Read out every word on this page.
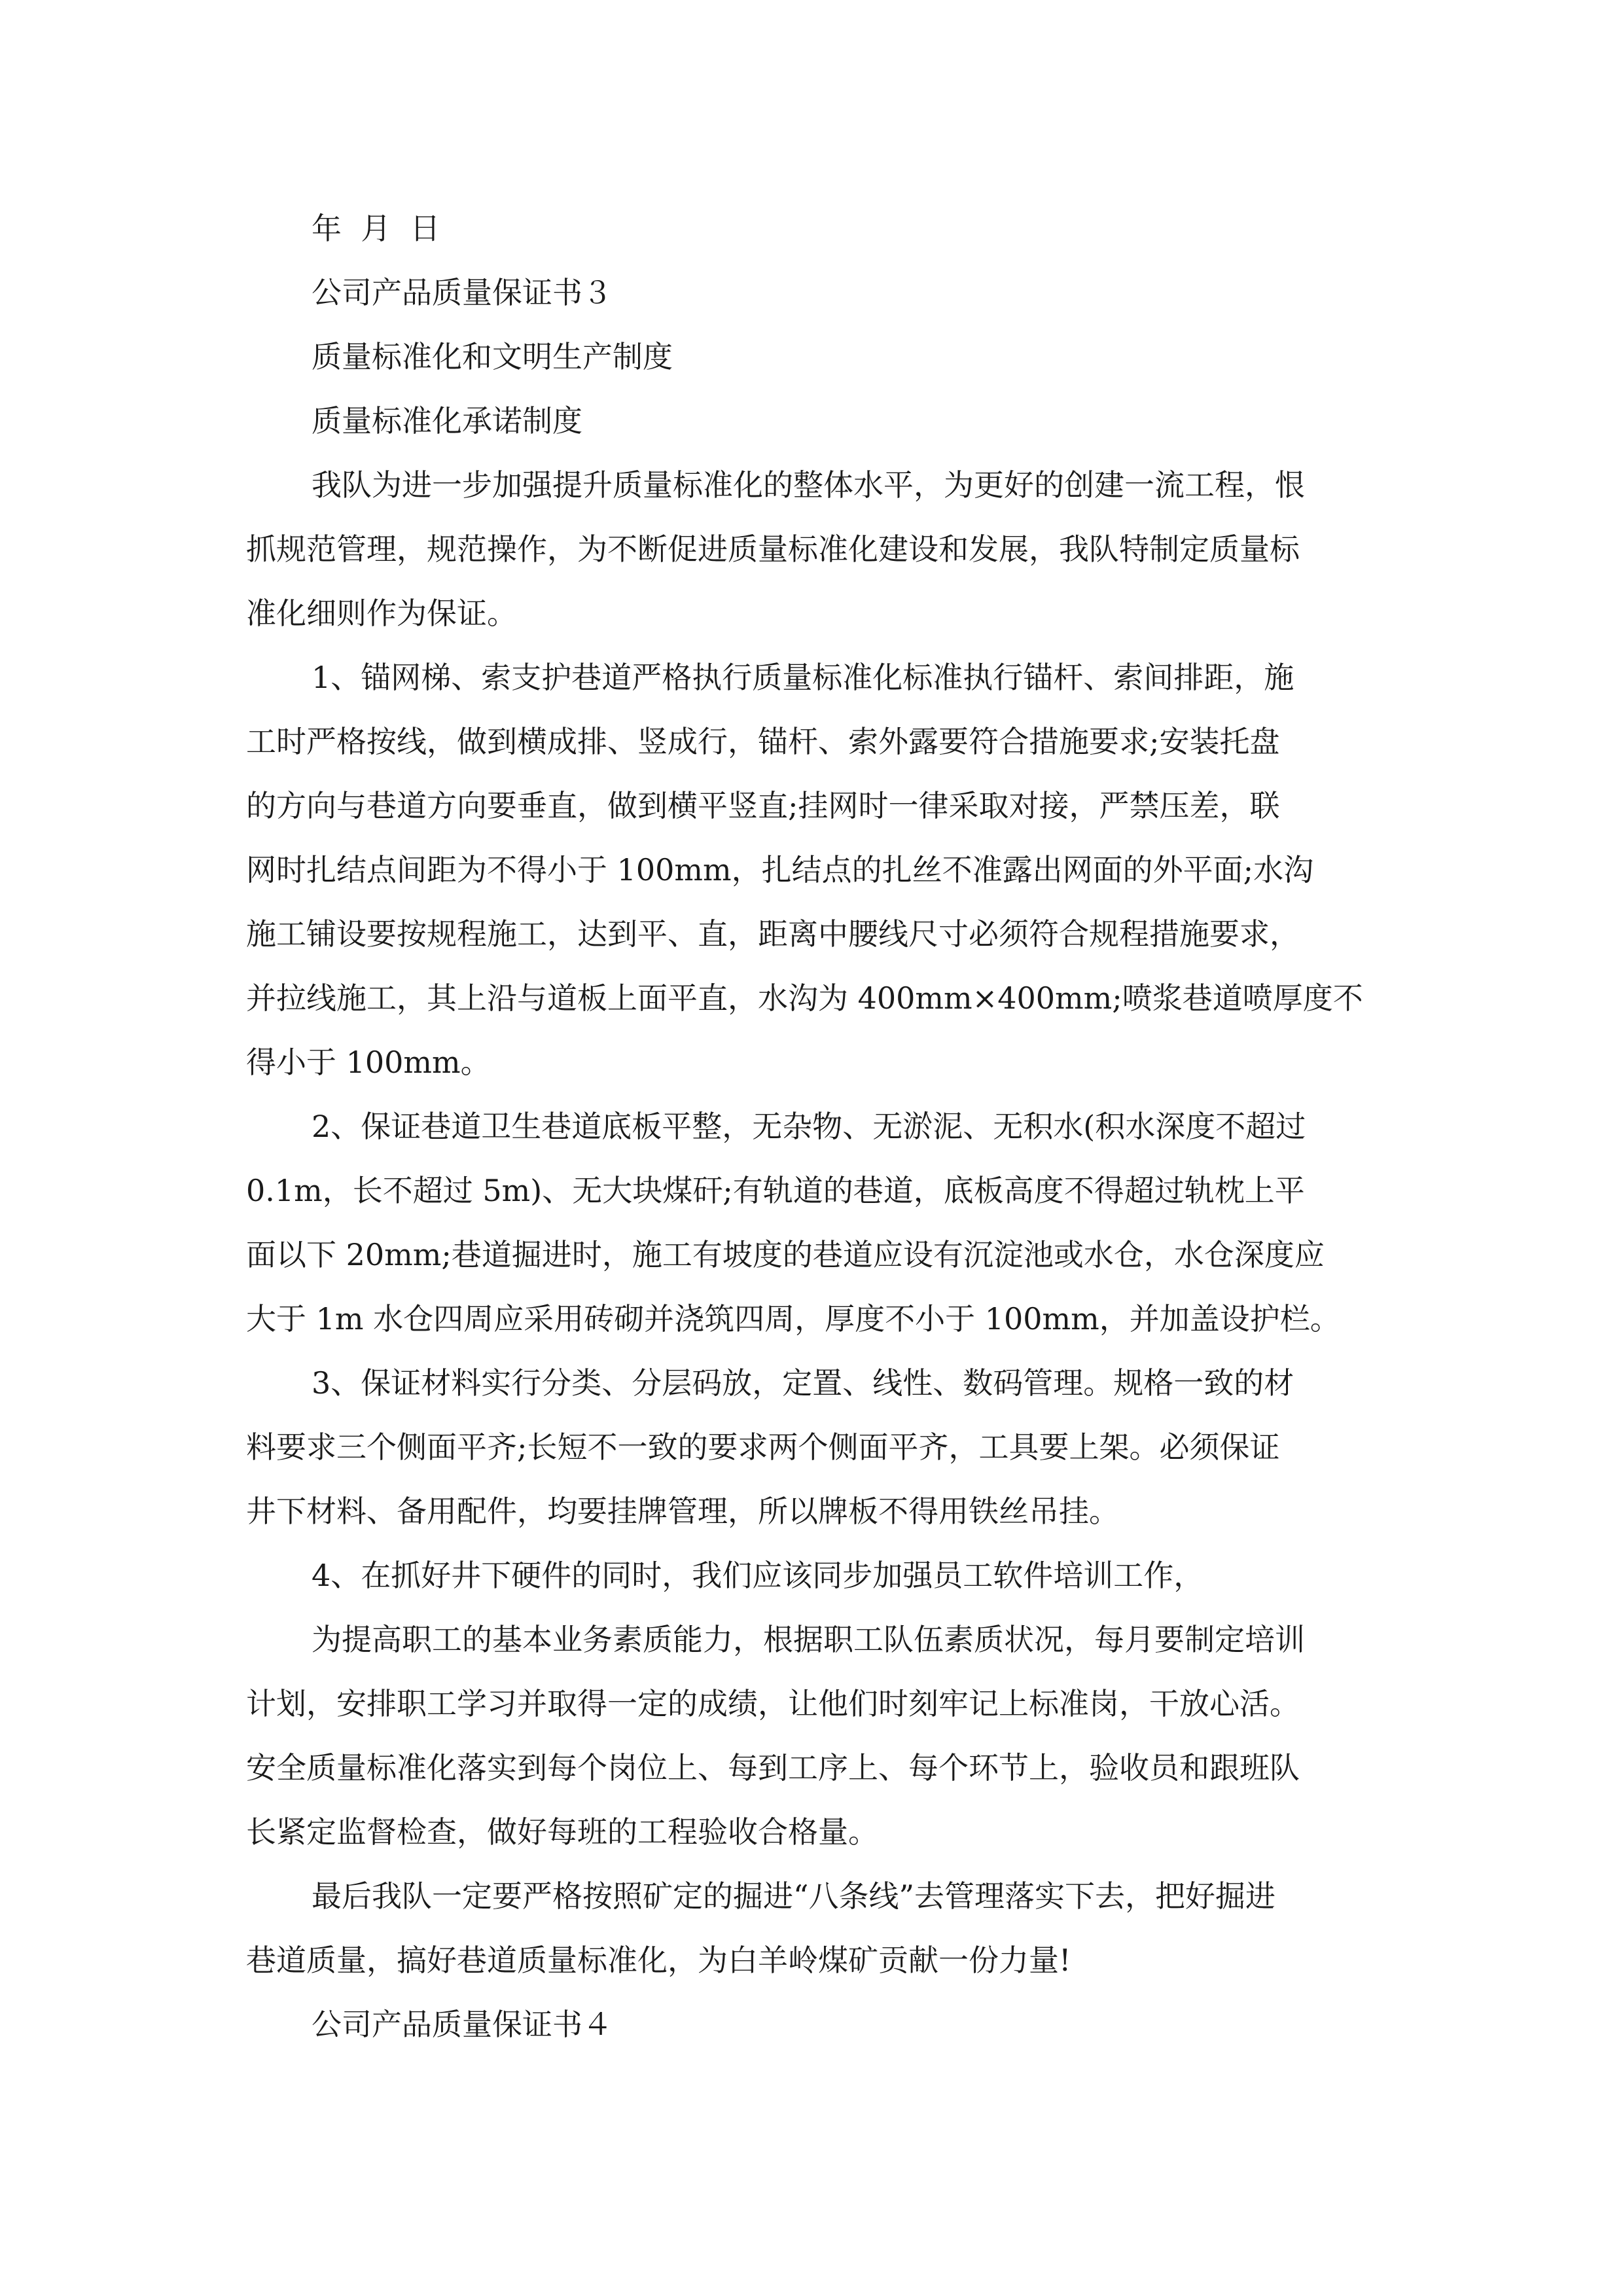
年  月  日
公司产品质量保证书３
质量标准化和文明生产制度
质量标准化承诺制度
我队为进一步加强提升质量标准化的整体水平，为更好的创建一流工程，恨
抓规范管理，规范操作，为不断促进质量标准化建设和发展，我队特制定质量标
准化细则作为保证。
1、锚网梯、索支护巷道严格执行质量标准化标准执行锚杆、索间排距，施
工时严格按线，做到横成排、竖成行，锚杆、索外露要符合措施要求;安装托盘
的方向与巷道方向要垂直，做到横平竖直;挂网时一律采取对接，严禁压差，联
网时扎结点间距为不得小于 100mm，扎结点的扎丝不准露出网面的外平面;水沟
施工铺设要按规程施工，达到平、直，距离中腰线尺寸必须符合规程措施要求，
并拉线施工，其上沿与道板上面平直，水沟为 400mm×400mm;喷浆巷道喷厚度不
得小于 100mm。
2、保证巷道卫生巷道底板平整，无杂物、无淤泥、无积水(积水深度不超过
0.1m，长不超过 5m)、无大块煤矸;有轨道的巷道，底板高度不得超过轨枕上平
面以下 20mm;巷道掘进时，施工有坡度的巷道应设有沉淀池或水仓，水仓深度应
大于 1m 水仓四周应采用砖砌并浇筑四周，厚度不小于 100mm，并加盖设护栏。
3、保证材料实行分类、分层码放，定置、线性、数码管理。规格一致的材
料要求三个侧面平齐;长短不一致的要求两个侧面平齐，工具要上架。必须保证
井下材料、备用配件，均要挂牌管理，所以牌板不得用铁丝吊挂。
4、在抓好井下硬件的同时，我们应该同步加强员工软件培训工作，
为提高职工的基本业务素质能力，根据职工队伍素质状况，每月要制定培训
计划，安排职工学习并取得一定的成绩，让他们时刻牢记上标准岗，干放心活。
安全质量标准化落实到每个岗位上、每到工序上、每个环节上，验收员和跟班队
长紧定监督检查，做好每班的工程验收合格量。
最后我队一定要严格按照矿定的掘进“八条线”去管理落实下去，把好掘进
巷道质量，搞好巷道质量标准化，为白羊岭煤矿贡献一份力量!
公司产品质量保证书４
